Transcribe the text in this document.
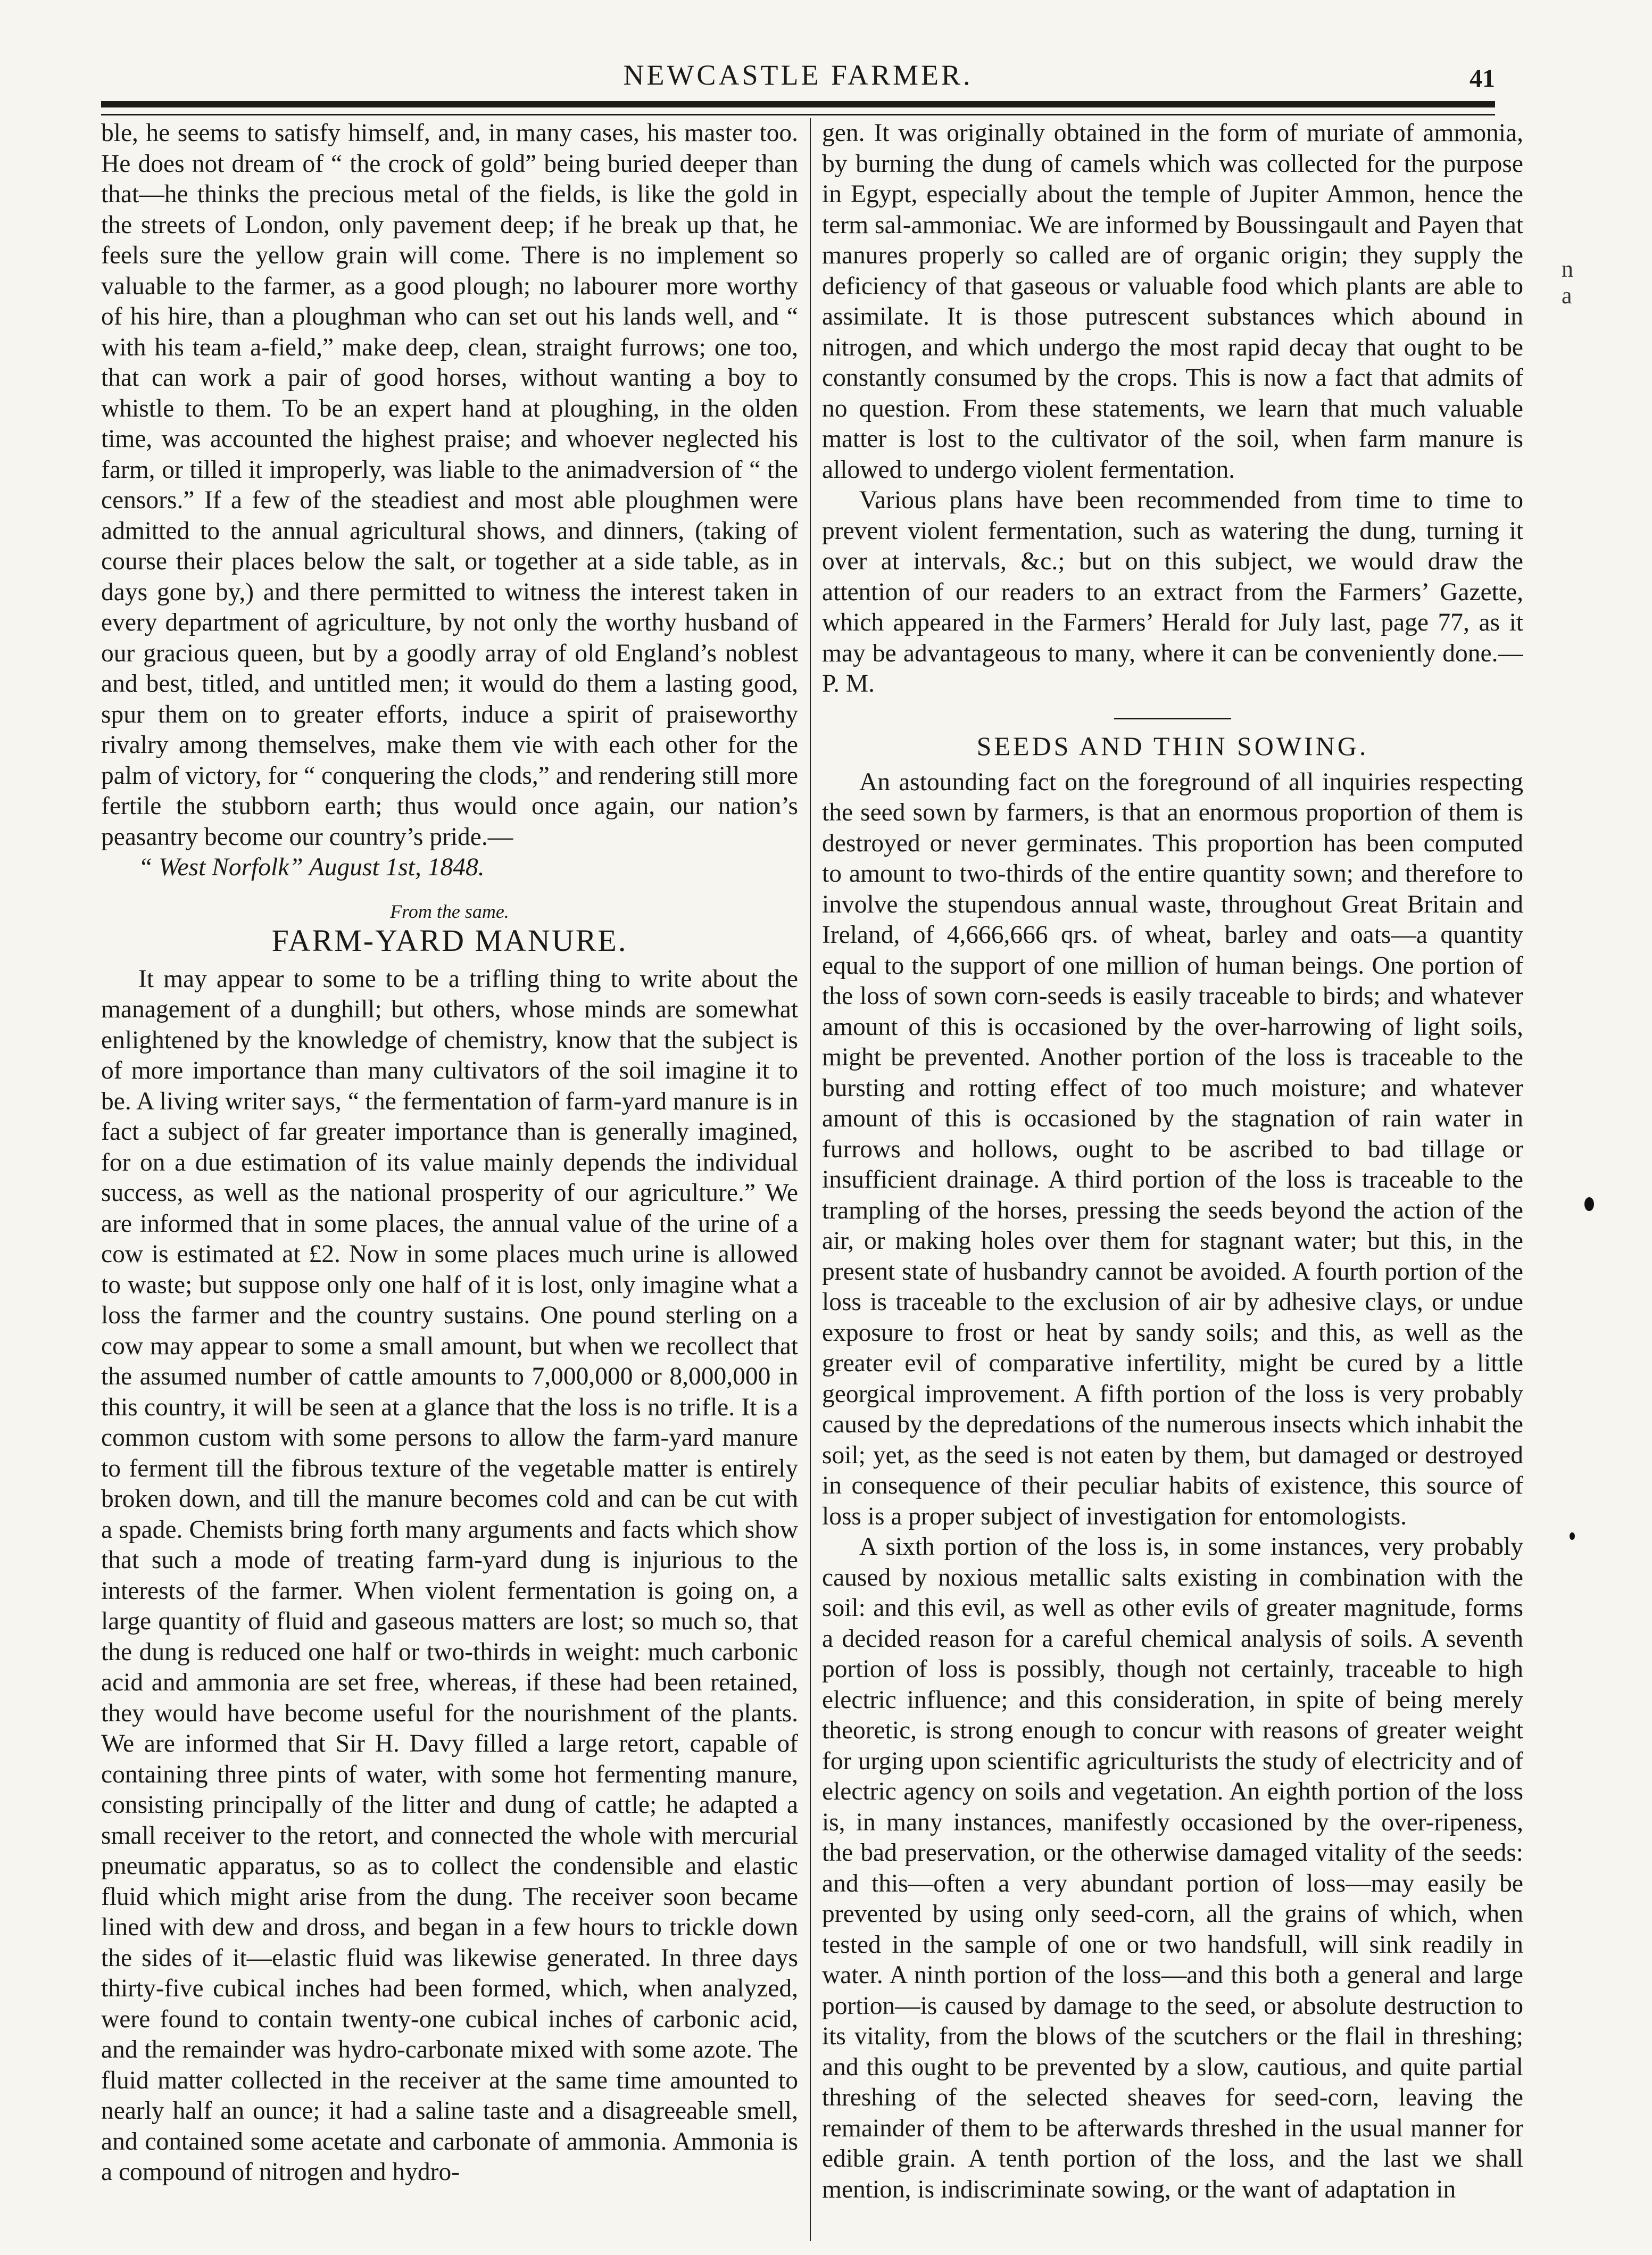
NEWCASTLE FARMER.	41

ble, he seems to satisfy himself, and, in many cases, his master too. He does not dream of “ the crock of gold” being buried deeper than that—he thinks the precious metal of the fields, is like the gold in the streets of London, only pavement deep; if he break up that, he feels sure the yellow grain will come. There is no implement so valuable to the farmer, as a good plough; no labourer more worthy of his hire, than a ploughman who can set out his lands well, and “ with his team a-field,” make deep, clean, straight furrows; one too, that can work a pair of good horses, without wanting a boy to whistle to them. To be an expert hand at ploughing, in the olden time, was accounted the highest praise; and whoever neglected his farm, or tilled it improperly, was liable to the animadversion of “ the censors.” If a few of the steadiest and most able ploughmen were admitted to the annual agricultural shows, and dinners, (taking of course their places below the salt, or together at a side table, as in days gone by,) and there permitted to witness the interest taken in every department of agriculture, by not only the worthy husband of our gracious queen, but by a goodly array of old England’s noblest and best, titled, and untitled men; it would do them a lasting good, spur them on to greater efforts, induce a spirit of praiseworthy rivalry among themselves, make them vie with each other for the palm of victory, for “ conquering the clods,” and rendering still more fertile the stubborn earth; thus would once again, our nation’s peasantry become our country’s pride.—

“ West Norfolk” August 1st, 1848.

From the same.
FARM-YARD MANURE.

It may appear to some to be a trifling thing to write about the management of a dunghill; but others, whose minds are somewhat enlightened by the knowledge of chemistry, know that the subject is of more importance than many cultivators of the soil imagine it to be. A living writer says, “ the fermentation of farm-yard manure is in fact a subject of far greater importance than is generally imagined, for on a due estimation of its value mainly depends the individual success, as well as the national prosperity of our agriculture.” We are informed that in some places, the annual value of the urine of a cow is estimated at £2. Now in some places much urine is allowed to waste; but suppose only one half of it is lost, only imagine what a loss the farmer and the country sustains. One pound sterling on a cow may appear to some a small amount, but when we recollect that the assumed number of cattle amounts to 7,000,000 or 8,000,000 in this country, it will be seen at a glance that the loss is no trifle. It is a common custom with some persons to allow the farm-yard manure to ferment till the fibrous texture of the vegetable matter is entirely broken down, and till the manure becomes cold and can be cut with a spade. Chemists bring forth many arguments and facts which show that such a mode of treating farm-yard dung is injurious to the interests of the farmer. When violent fermentation is going on, a large quantity of fluid and gaseous matters are lost; so much so, that the dung is reduced one half or two-thirds in weight: much carbonic acid and ammonia are set free, whereas, if these had been retained, they would have become useful for the nourishment of the plants. We are informed that Sir H. Davy filled a large retort, capable of containing three pints of water, with some hot fermenting manure, consisting principally of the litter and dung of cattle; he adapted a small receiver to the retort, and connected the whole with mercurial pneumatic apparatus, so as to collect the condensible and elastic fluid which might arise from the dung. The receiver soon became lined with dew and dross, and began in a few hours to trickle down the sides of it—elastic fluid was likewise generated. In three days thirty-five cubical inches had been formed, which, when analyzed, were found to contain twenty-one cubical inches of carbonic acid, and the remainder was hydro-carbonate mixed with some azote. The fluid matter collected in the receiver at the same time amounted to nearly half an ounce; it had a saline taste and a disagreeable smell, and contained some acetate and carbonate of ammonia. Ammonia is a compound of nitrogen and hydro-

gen. It was originally obtained in the form of muriate of ammonia, by burning the dung of camels which was collected for the purpose in Egypt, especially about the temple of Jupiter Ammon, hence the term sal-ammoniac. We are informed by Boussingault and Payen that manures properly so called are of organic origin; they supply the deficiency of that gaseous or valuable food which plants are able to assimilate. It is those putrescent substances which abound in nitrogen, and which undergo the most rapid decay that ought to be constantly consumed by the crops. This is now a fact that admits of no question. From these statements, we learn that much valuable matter is lost to the cultivator of the soil, when farm manure is allowed to undergo violent fermentation.

Various plans have been recommended from time to time to prevent violent fermentation, such as watering the dung, turning it over at intervals, &c.; but on this subject, we would draw the attention of our readers to an extract from the Farmers’ Gazette, which appeared in the Farmers’ Herald for July last, page 77, as it may be advantageous to many, where it can be conveniently done.—P. M.

SEEDS AND THIN SOWING.

An astounding fact on the foreground of all inquiries respecting the seed sown by farmers, is that an enormous proportion of them is destroyed or never germinates. This proportion has been computed to amount to two-thirds of the entire quantity sown; and therefore to involve the stupendous annual waste, throughout Great Britain and Ireland, of 4,666,666 qrs. of wheat, barley and oats—a quantity equal to the support of one million of human beings. One portion of the loss of sown corn-seeds is easily traceable to birds; and whatever amount of this is occasioned by the over-harrowing of light soils, might be prevented. Another portion of the loss is traceable to the bursting and rotting effect of too much moisture; and whatever amount of this is occasioned by the stagnation of rain water in furrows and hollows, ought to be ascribed to bad tillage or insufficient drainage. A third portion of the loss is traceable to the trampling of the horses, pressing the seeds beyond the action of the air, or making holes over them for stagnant water; but this, in the present state of husbandry cannot be avoided. A fourth portion of the loss is traceable to the exclusion of air by adhesive clays, or undue exposure to frost or heat by sandy soils; and this, as well as the greater evil of comparative infertility, might be cured by a little georgical improvement. A fifth portion of the loss is very probably caused by the depredations of the numerous insects which inhabit the soil; yet, as the seed is not eaten by them, but damaged or destroyed in consequence of their peculiar habits of existence, this source of loss is a proper subject of investigation for entomologists.

A sixth portion of the loss is, in some instances, very probably caused by noxious metallic salts existing in combination with the soil: and this evil, as well as other evils of greater magnitude, forms a decided reason for a careful chemical analysis of soils. A seventh portion of loss is possibly, though not certainly, traceable to high electric influence; and this consideration, in spite of being merely theoretic, is strong enough to concur with reasons of greater weight for urging upon scientific agriculturists the study of electricity and of electric agency on soils and vegetation. An eighth portion of the loss is, in many instances, manifestly occasioned by the over-ripeness, the bad preservation, or the otherwise damaged vitality of the seeds: and this—often a very abundant portion of loss—may easily be prevented by using only seed-corn, all the grains of which, when tested in the sample of one or two handsfull, will sink readily in water. A ninth portion of the loss—and this both a general and large portion—is caused by damage to the seed, or absolute destruction to its vitality, from the blows of the scutchers or the flail in threshing; and this ought to be prevented by a slow, cautious, and quite partial threshing of the selected sheaves for seed-corn, leaving the remainder of them to be afterwards threshed in the usual manner for edible grain. A tenth portion of the loss, and the last we shall mention, is indiscriminate sowing, or the want of adaptation in

n
a
